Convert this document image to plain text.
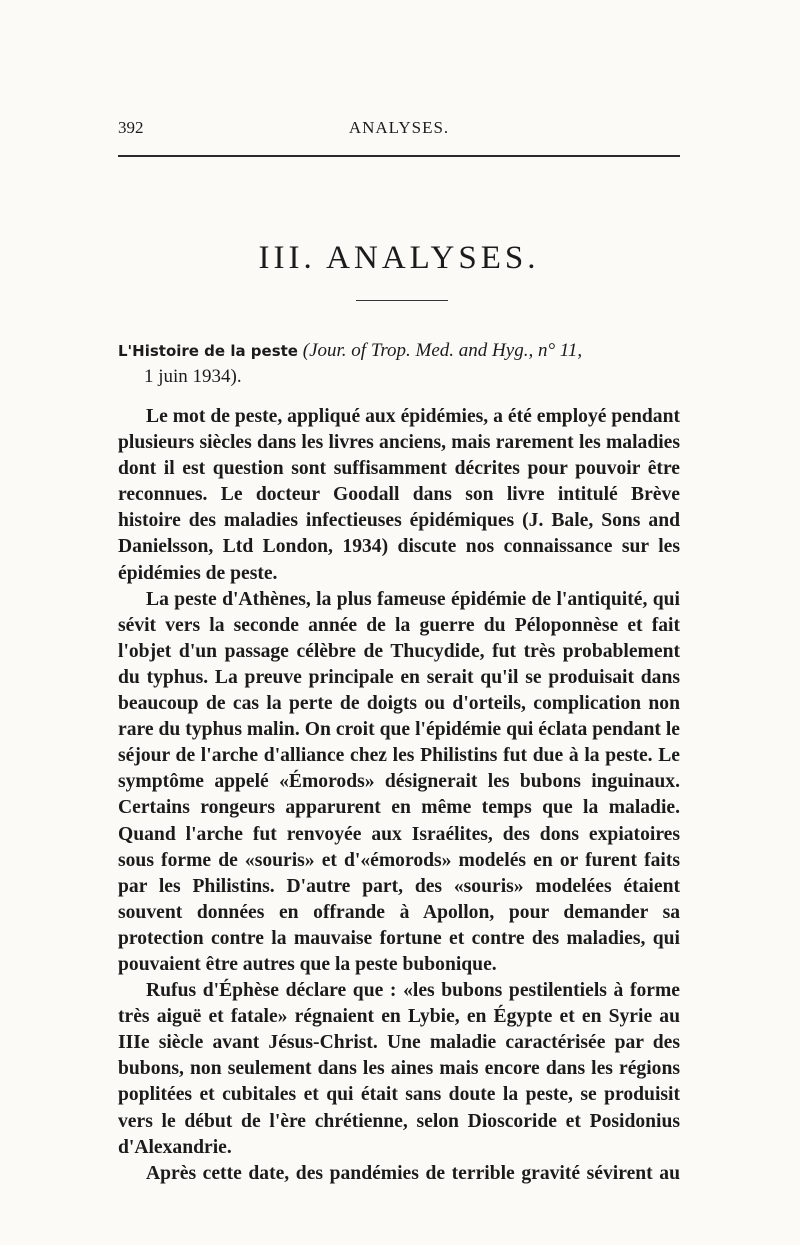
392	ANALYSES.
III. ANALYSES.
L'Histoire de la peste (Jour. of Trop. Med. and Hyg., n° 11,
1 juin 1934).

Le mot de peste, appliqué aux épidémies, a été employé pendant plusieurs siècles dans les livres anciens, mais rarement les maladies dont il est question sont suffisamment décrites pour pouvoir être reconnues. Le docteur Goodall dans son livre intitulé Brève histoire des maladies infectieuses épidémiques (J. Bale, Sons and Danielsson, Ltd London, 1934) discute nos connaissance sur les épidémies de peste.

La peste d'Athènes, la plus fameuse épidémie de l'antiquité, qui sévit vers la seconde année de la guerre du Péloponnèse et fait l'objet d'un passage célèbre de Thucydide, fut très probablement du typhus. La preuve principale en serait qu'il se produisait dans beaucoup de cas la perte de doigts ou d'orteils, complication non rare du typhus malin. On croit que l'épidémie qui éclata pendant le séjour de l'arche d'alliance chez les Philistins fut due à la peste. Le symptôme appelé «Émorods» désignerait les bubons inguinaux. Certains rongeurs apparurent en même temps que la maladie. Quand l'arche fut renvoyée aux Israélites, des dons expiatoires sous forme de «souris» et d'«émorods» modelés en or furent faits par les Philistins. D'autre part, des «souris» modelées étaient souvent données en offrande à Apollon, pour demander sa protection contre la mauvaise fortune et contre des maladies, qui pouvaient être autres que la peste bubonique.

Rufus d'Éphèse déclare que : «les bubons pestilentiels à forme très aiguë et fatale» régnaient en Lybie, en Égypte et en Syrie au IIIe siècle avant Jésus-Christ. Une maladie caractérisée par des bubons, non seulement dans les aines mais encore dans les régions poplitées et cubitales et qui était sans doute la peste, se produisit vers le début de l'ère chrétienne, selon Dioscoride et Posidonius d'Alexandrie.

Après cette date, des pandémies de terrible gravité sévirent au
